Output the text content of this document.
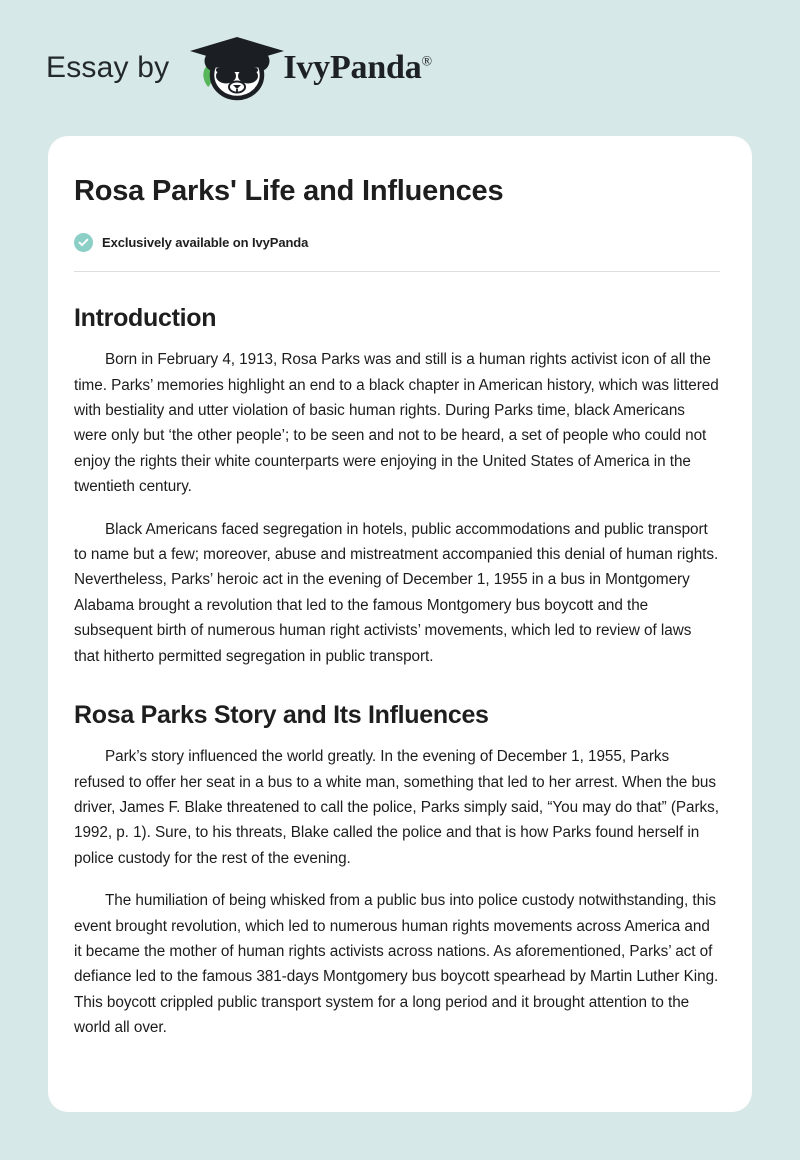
Essay by	IvyPanda®
Rosa Parks' Life and Influences
Exclusively available on IvyPanda
Introduction

Born in February 4, 1913, Rosa Parks was and still is a human rights activist icon of all the time. Parks’ memories highlight an end to a black chapter in American history, which was littered with bestiality and utter violation of basic human rights. During Parks time, black Americans were only but ‘the other people’; to be seen and not to be heard, a set of people who could not enjoy the rights their white counterparts were enjoying in the United States of America in the twentieth century.

Black Americans faced segregation in hotels, public accommodations and public transport to name but a few; moreover, abuse and mistreatment accompanied this denial of human rights. Nevertheless, Parks’ heroic act in the evening of December 1, 1955 in a bus in Montgomery Alabama brought a revolution that led to the famous Montgomery bus boycott and the subsequent birth of numerous human right activists’ movements, which led to review of laws that hitherto permitted segregation in public transport.

Rosa Parks Story and Its Influences

Park’s story influenced the world greatly. In the evening of December 1, 1955, Parks refused to offer her seat in a bus to a white man, something that led to her arrest. When the bus driver, James F. Blake threatened to call the police, Parks simply said, “You may do that” (Parks, 1992, p. 1). Sure, to his threats, Blake called the police and that is how Parks found herself in police custody for the rest of the evening.

The humiliation of being whisked from a public bus into police custody notwithstanding, this event brought revolution, which led to numerous human rights movements across America and it became the mother of human rights activists across nations. As aforementioned, Parks’ act of defiance led to the famous 381-days Montgomery bus boycott spearhead by Martin Luther King. This boycott crippled public transport system for a long period and it brought attention to the world all over.
